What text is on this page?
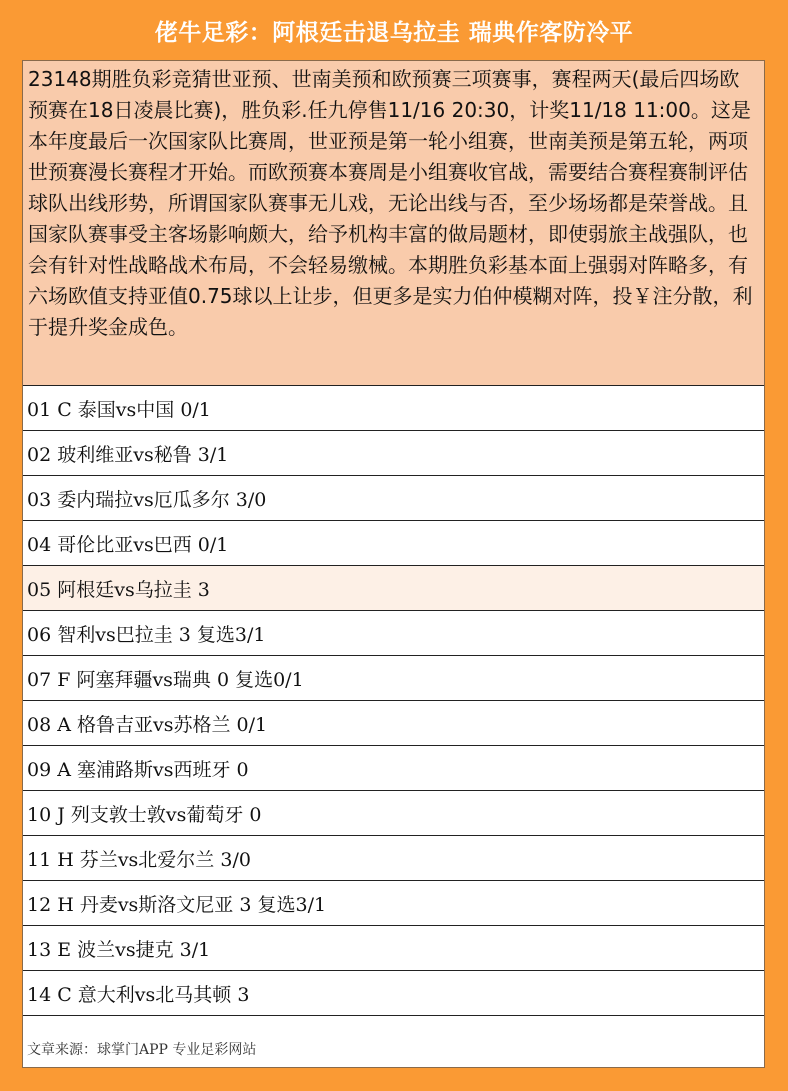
佬牛足彩：阿根廷击退乌拉圭 瑞典作客防冷平
23148期胜负彩竞猜世亚预、世南美预和欧预赛三项赛事，赛程两天(最后四场欧预赛在18日凌晨比赛)，胜负彩.任九停售11/16 20:30，计奖11/18 11:00。这是本年度最后一次国家队比赛周，世亚预是第一轮小组赛，世南美预是第五轮，两项世预赛漫长赛程才开始。而欧预赛本赛周是小组赛收官战，需要结合赛程赛制评估球队出线形势，所谓国家队赛事无儿戏，无论出线与否，至少场场都是荣誉战。且国家队赛事受主客场影响颇大，给予机构丰富的做局题材，即使弱旅主战强队，也会有针对性战略战术布局，不会轻易缴械。本期胜负彩基本面上强弱对阵略多，有六场欧值支持亚值0.75球以上让步，但更多是实力伯仲模糊对阵，投￥注分散，利于提升奖金成色。
01 C 泰国vs中国 0/1
02 玻利维亚vs秘鲁 3/1
03 委内瑞拉vs厄瓜多尔 3/0
04 哥伦比亚vs巴西 0/1
05 阿根廷vs乌拉圭 3
06 智利vs巴拉圭 3 复选3/1
07 F 阿塞拜疆vs瑞典 0 复选0/1
08 A 格鲁吉亚vs苏格兰 0/1
09 A 塞浦路斯vs西班牙 0
10 J 列支敦士敦vs葡萄牙 0
11 H 芬兰vs北爱尔兰 3/0
12 H 丹麦vs斯洛文尼亚 3 复选3/1
13 E 波兰vs捷克 3/1
14 C 意大利vs北马其顿 3
文章来源：球掌门APP 专业足彩网站
